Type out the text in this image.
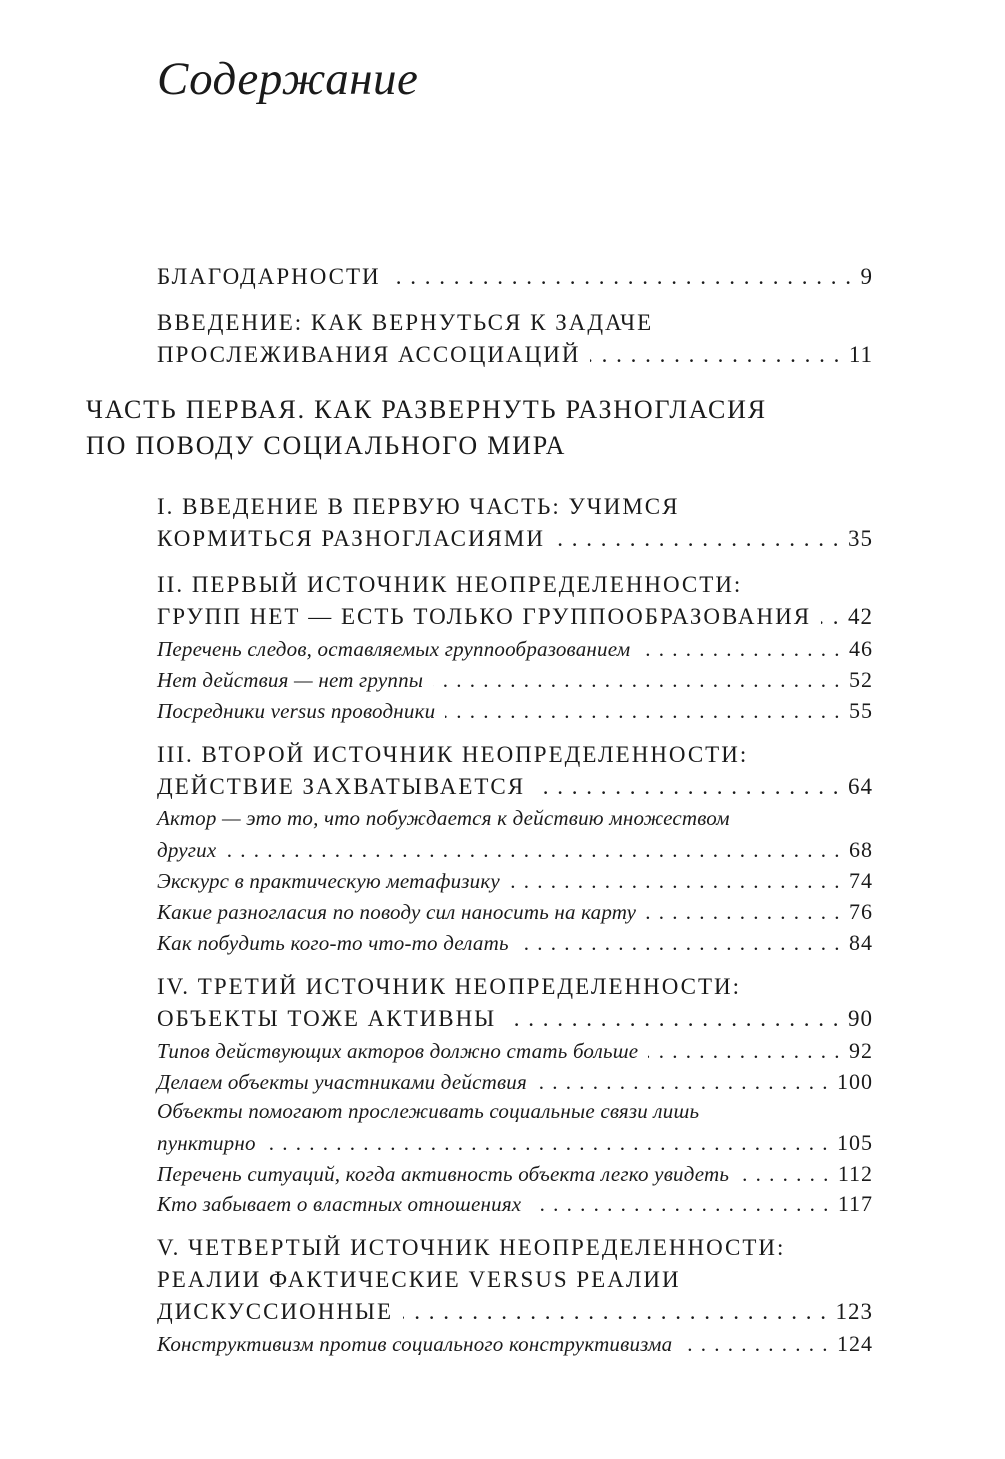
Содержание
БЛАГОДАРНОСТИ . . .	9
ВВЕДЕНИЕ: КАК ВЕРНУТЬСЯ К ЗАДАЧЕ
ПРОСЛЕЖИВАНИЯ АССОЦИАЦИЙ . . .	11
ЧАСТЬ ПЕРВАЯ. КАК РАЗВЕРНУТЬ РАЗНОГЛАСИЯ
ПО ПОВОДУ СОЦИАЛЬНОГО МИРА
I. ВВЕДЕНИЕ В ПЕРВУЮ ЧАСТЬ: УЧИМСЯ
КОРМИТЬСЯ РАЗНОГЛАСИЯМИ . . .	35
II. ПЕРВЫЙ ИСТОЧНИК НЕОПРЕДЕЛЕННОСТИ:
ГРУПП НЕТ — ЕСТЬ ТОЛЬКО ГРУППООБРАЗОВАНИЯ . . . 42
Перечень следов, оставляемых группообразованием . . .	46
Нет действия — нет группы . . .	52
Посредники versus проводники . . .	55
III. ВТОРОЙ ИСТОЧНИК НЕОПРЕДЕЛЕННОСТИ:
ДЕЙСТВИЕ ЗАХВАТЫВАЕТСЯ . . .	64
Актор — это то, что побуждается к действию множеством
других . . .	68
Экскурс в практическую метафизику . . .	74
Какие разногласия по поводу сил наносить на карту . . .	76
Как побудить кого-то что-то делать . . .	84
IV. ТРЕТИЙ ИСТОЧНИК НЕОПРЕДЕЛЕННОСТИ:
ОБЪЕКТЫ ТОЖЕ АКТИВНЫ . . .	90
Типов действующих акторов должно стать больше . . .	92
Делаем объекты участниками действия . . .	100
Объекты помогают прослеживать социальные связи лишь
пунктирно . . .	105
Перечень ситуаций, когда активность объекта легко увидеть . . .	112
Кто забывает о властных отношениях . . .	117
V. ЧЕТВЕРТЫЙ ИСТОЧНИК НЕОПРЕДЕЛЕННОСТИ:
РЕАЛИИ ФАКТИЧЕСКИЕ VERSUS РЕАЛИИ
ДИСКУССИОННЫЕ . . .	123
Конструктивизм против социального конструктивизма . . .	124
